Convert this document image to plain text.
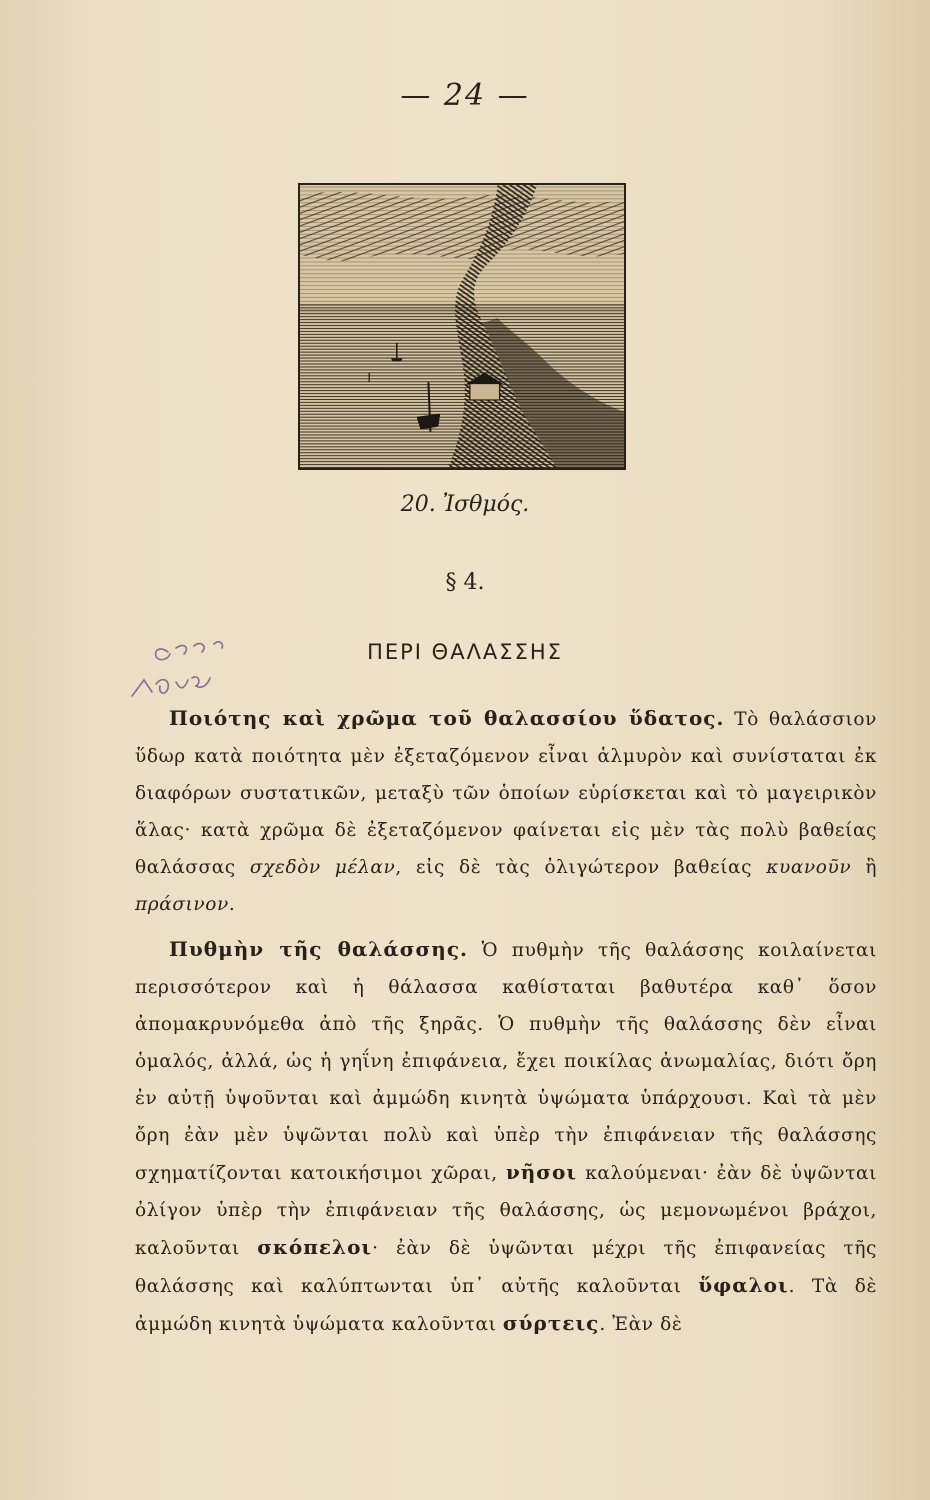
— 24 —
20. Ἰσθμός.
§ 4.
ΠΕΡΙ ΘΑΛΑΣΣΗΣ

Ποιότης καὶ χρῶμα τοῦ θαλασσίου ὕδατος. Τὸ θαλάσσιον ὕδωρ κατὰ ποιότητα μὲν ἐξεταζόμενον εἶναι ἁλμυρὸν καὶ συνίσταται ἐκ διαφόρων συστατικῶν, μεταξὺ τῶν ὁποίων εὑρίσκεται καὶ τὸ μαγειρικὸν ἅλας· κατὰ χρῶμα δὲ ἐξεταζόμενον φαίνεται εἰς μὲν τὰς πολὺ βαθείας θαλάσσας σχεδὸν μέλαν, εἰς δὲ τὰς ὀλιγώτερον βαθείας κυανοῦν ἢ πράσινον.

Πυθμὴν τῆς θαλάσσης. Ὁ πυθμὴν τῆς θαλάσσης κοιλαίνεται περισσότερον καὶ ἡ θάλασσα καθίσταται βαθυτέρα καθ᾽ ὅσον ἀπομακρυνόμεθα ἀπὸ τῆς ξηρᾶς. Ὁ πυθμὴν τῆς θαλάσσης δὲν εἶναι ὁμαλός, ἀλλά, ὡς ἡ γηΐνη ἐπιφάνεια, ἔχει ποικίλας ἀνωμαλίας, διότι ὄρη ἐν αὐτῇ ὑψοῦνται καὶ ἀμμώδη κινητὰ ὑψώματα ὑπάρχουσι. Καὶ τὰ μὲν ὄρη ἐὰν μὲν ὑψῶνται πολὺ καὶ ὑπὲρ τὴν ἐπιφάνειαν τῆς θαλάσσης σχηματίζονται κατοικήσιμοι χῶραι, νῆσοι καλούμεναι· ἐὰν δὲ ὑψῶνται ὀλίγον ὑπὲρ τὴν ἐπιφάνειαν τῆς θαλάσσης, ὡς μεμονωμένοι βράχοι, καλοῦνται σκόπελοι· ἐὰν δὲ ὑψῶνται μέχρι τῆς ἐπιφανείας τῆς θαλάσσης καὶ καλύπτωνται ὑπ᾽ αὐτῆς καλοῦνται ὕφαλοι. Τὰ δὲ ἀμμώδη κινητὰ ὑψώματα καλοῦνται σύρτεις. Ἐὰν δὲ
